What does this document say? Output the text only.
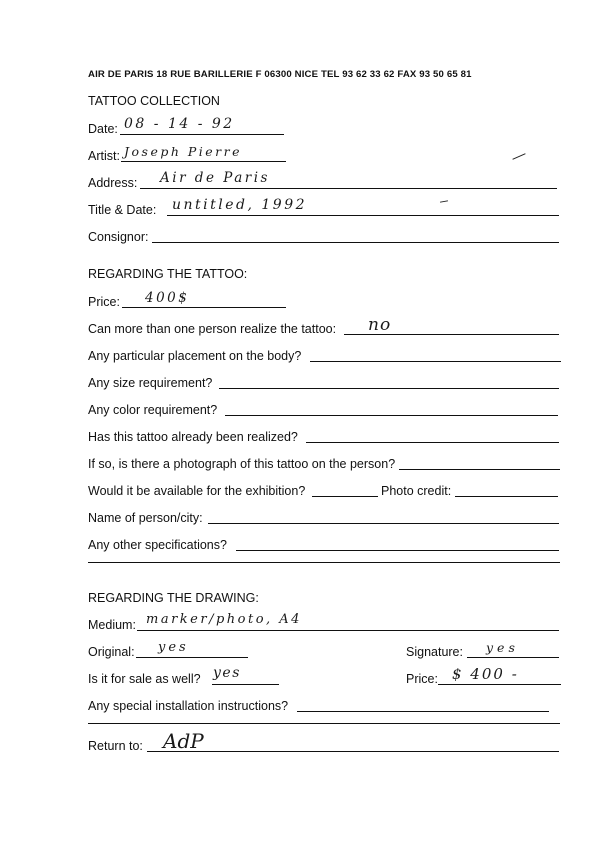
AIR DE PARIS 18 RUE BARILLERIE F 06300 NICE TEL 93 62 33 62 FAX 93 50 65 81
TATTOO COLLECTION
Date: 08 - 14 - 92
Artist: Joseph Pierre
Address: Air de Paris
Title & Date: untitled, 1992
Consignor:
REGARDING THE TATTOO:
Price: 400$
Can more than one person realize the tattoo: no
Any particular placement on the body?
Any size requirement?
Any color requirement?
Has this tattoo already been realized?
If so, is there a photograph of this tattoo on the person?
Would it be available for the exhibition?	Photo credit:
Name of person/city:
Any other specifications?
REGARDING THE DRAWING:
Medium: marker/photo, A4
Original: yes	Signature: yes
Is it for sale as well? yes	Price: $ 400 -
Any special installation instructions?
Return to: AdP
